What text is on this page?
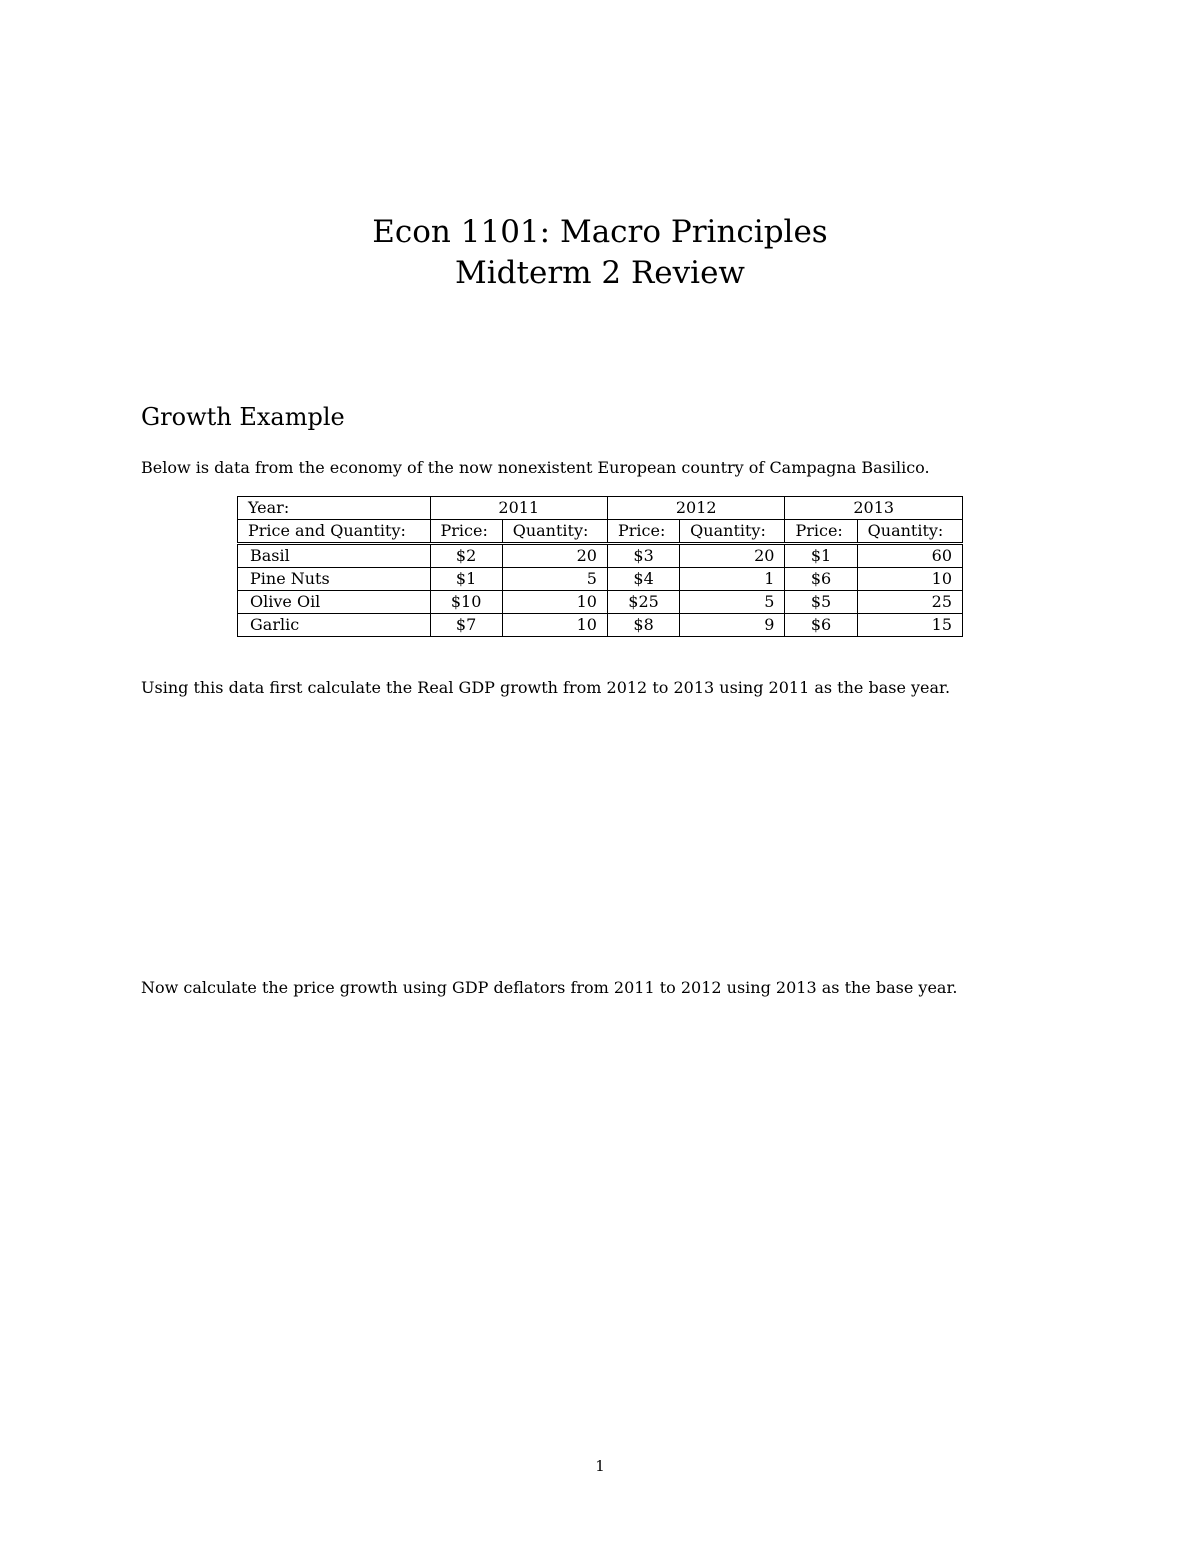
Econ 1101: Macro Principles
Midterm 2 Review
Growth Example
Below is data from the economy of the now nonexistent European country of Campagna Basilico.
Year:	2011		2012		2013	
Price and Quantity:	Price:	Quantity:	Price:	Quantity:	Price:	Quantity:
Basil	$2	20	$3	20	$1	60
Pine Nuts	$1	5	$4	1	$6	10
Olive Oil	$10	10	$25	5	$5	25
Garlic	$7	10	$8	9	$6	15
Using this data first calculate the Real GDP growth from 2012 to 2013 using 2011 as the base year.
Now calculate the price growth using GDP deflators from 2011 to 2012 using 2013 as the base year.
1
